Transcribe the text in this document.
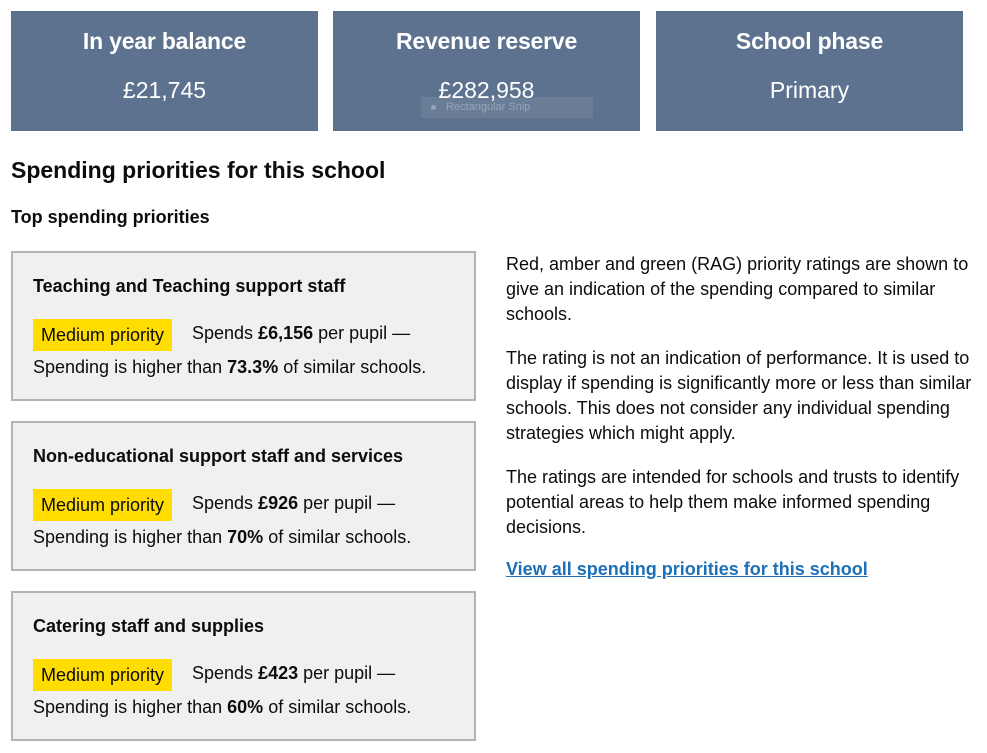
In year balance
£21,745
Revenue reserve
£282,958
School phase
Primary
Rectangular Snip
Spending priorities for this school
Top spending priorities
Teaching and Teaching support staff
Medium priority	Spends £6,156 per pupil —
Spending is higher than 73.3% of similar schools.
Non-educational support staff and services
Medium priority	Spends £926 per pupil —
Spending is higher than 70% of similar schools.
Catering staff and supplies
Medium priority	Spends £423 per pupil —
Spending is higher than 60% of similar schools.

Red, amber and green (RAG) priority ratings are shown to give an indication of the spending compared to similar schools.

The rating is not an indication of performance. It is used to display if spending is significantly more or less than similar schools. This does not consider any individual spending strategies which might apply.

The ratings are intended for schools and trusts to identify potential areas to help them make informed spending decisions.

View all spending priorities for this school
